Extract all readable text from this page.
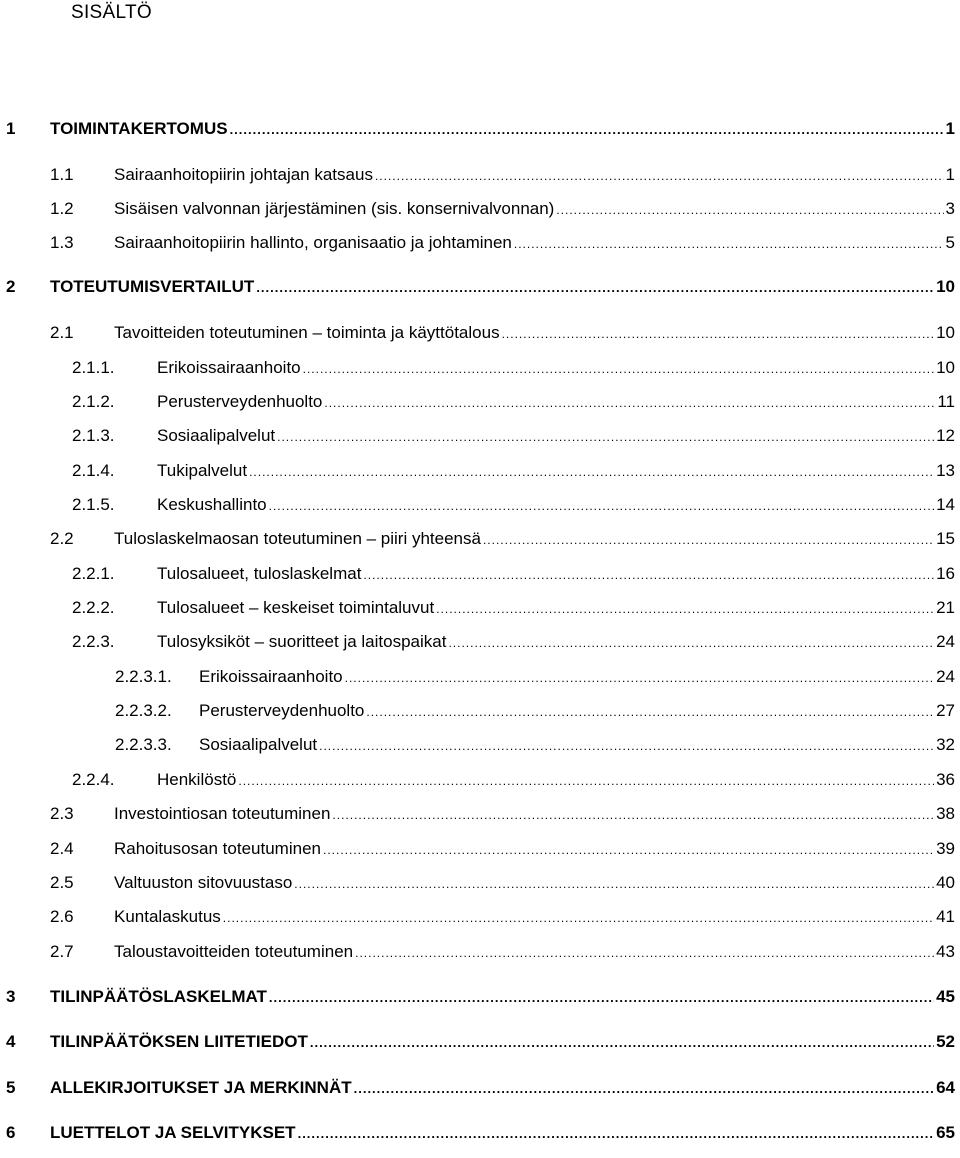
SISÄLTÖ
1 TOIMINTAKERTOMUS .....	1
1.1 Sairaanhoitopiirin johtajan katsaus .....	1
1.2 Sisäisen valvonnan järjestäminen (sis. konsernivalvonnan) .....	3
1.3 Sairaanhoitopiirin hallinto, organisaatio ja johtaminen .....	5
2 TOTEUTUMISVERTAILUT .....	10
2.1 Tavoitteiden toteutuminen – toiminta ja käyttötalous .....	10
2.1.1. Erikoissairaanhoito .....	10
2.1.2. Perusterveydenhuolto .....	11
2.1.3. Sosiaalipalvelut .....	12
2.1.4. Tukipalvelut .....	13
2.1.5. Keskushallinto .....	14
2.2 Tuloslaskelmaosan toteutuminen – piiri yhteensä .....	15
2.2.1. Tulosalueet, tuloslaskelmat .....	16
2.2.2. Tulosalueet – keskeiset toimintaluvut .....	21
2.2.3. Tulosyksiköt – suoritteet ja laitospaikat .....	24
2.2.3.1. Erikoissairaanhoito .....	24
2.2.3.2. Perusterveydenhuolto .....	27
2.2.3.3. Sosiaalipalvelut .....	32
2.2.4. Henkilöstö .....	36
2.3 Investointiosan toteutuminen .....	38
2.4 Rahoitusosan toteutuminen .....	39
2.5 Valtuuston sitovuustaso .....	40
2.6 Kuntalaskutus .....	41
2.7 Taloustavoitteiden toteutuminen .....	43
3 TILINPÄÄTÖSLASKELMAT .....	45
4 TILINPÄÄTÖKSEN LIITETIEDOT .....	52
5 ALLEKIRJOITUKSET JA MERKINNÄT .....	64
6 LUETTELOT JA SELVITYKSET .....	65
